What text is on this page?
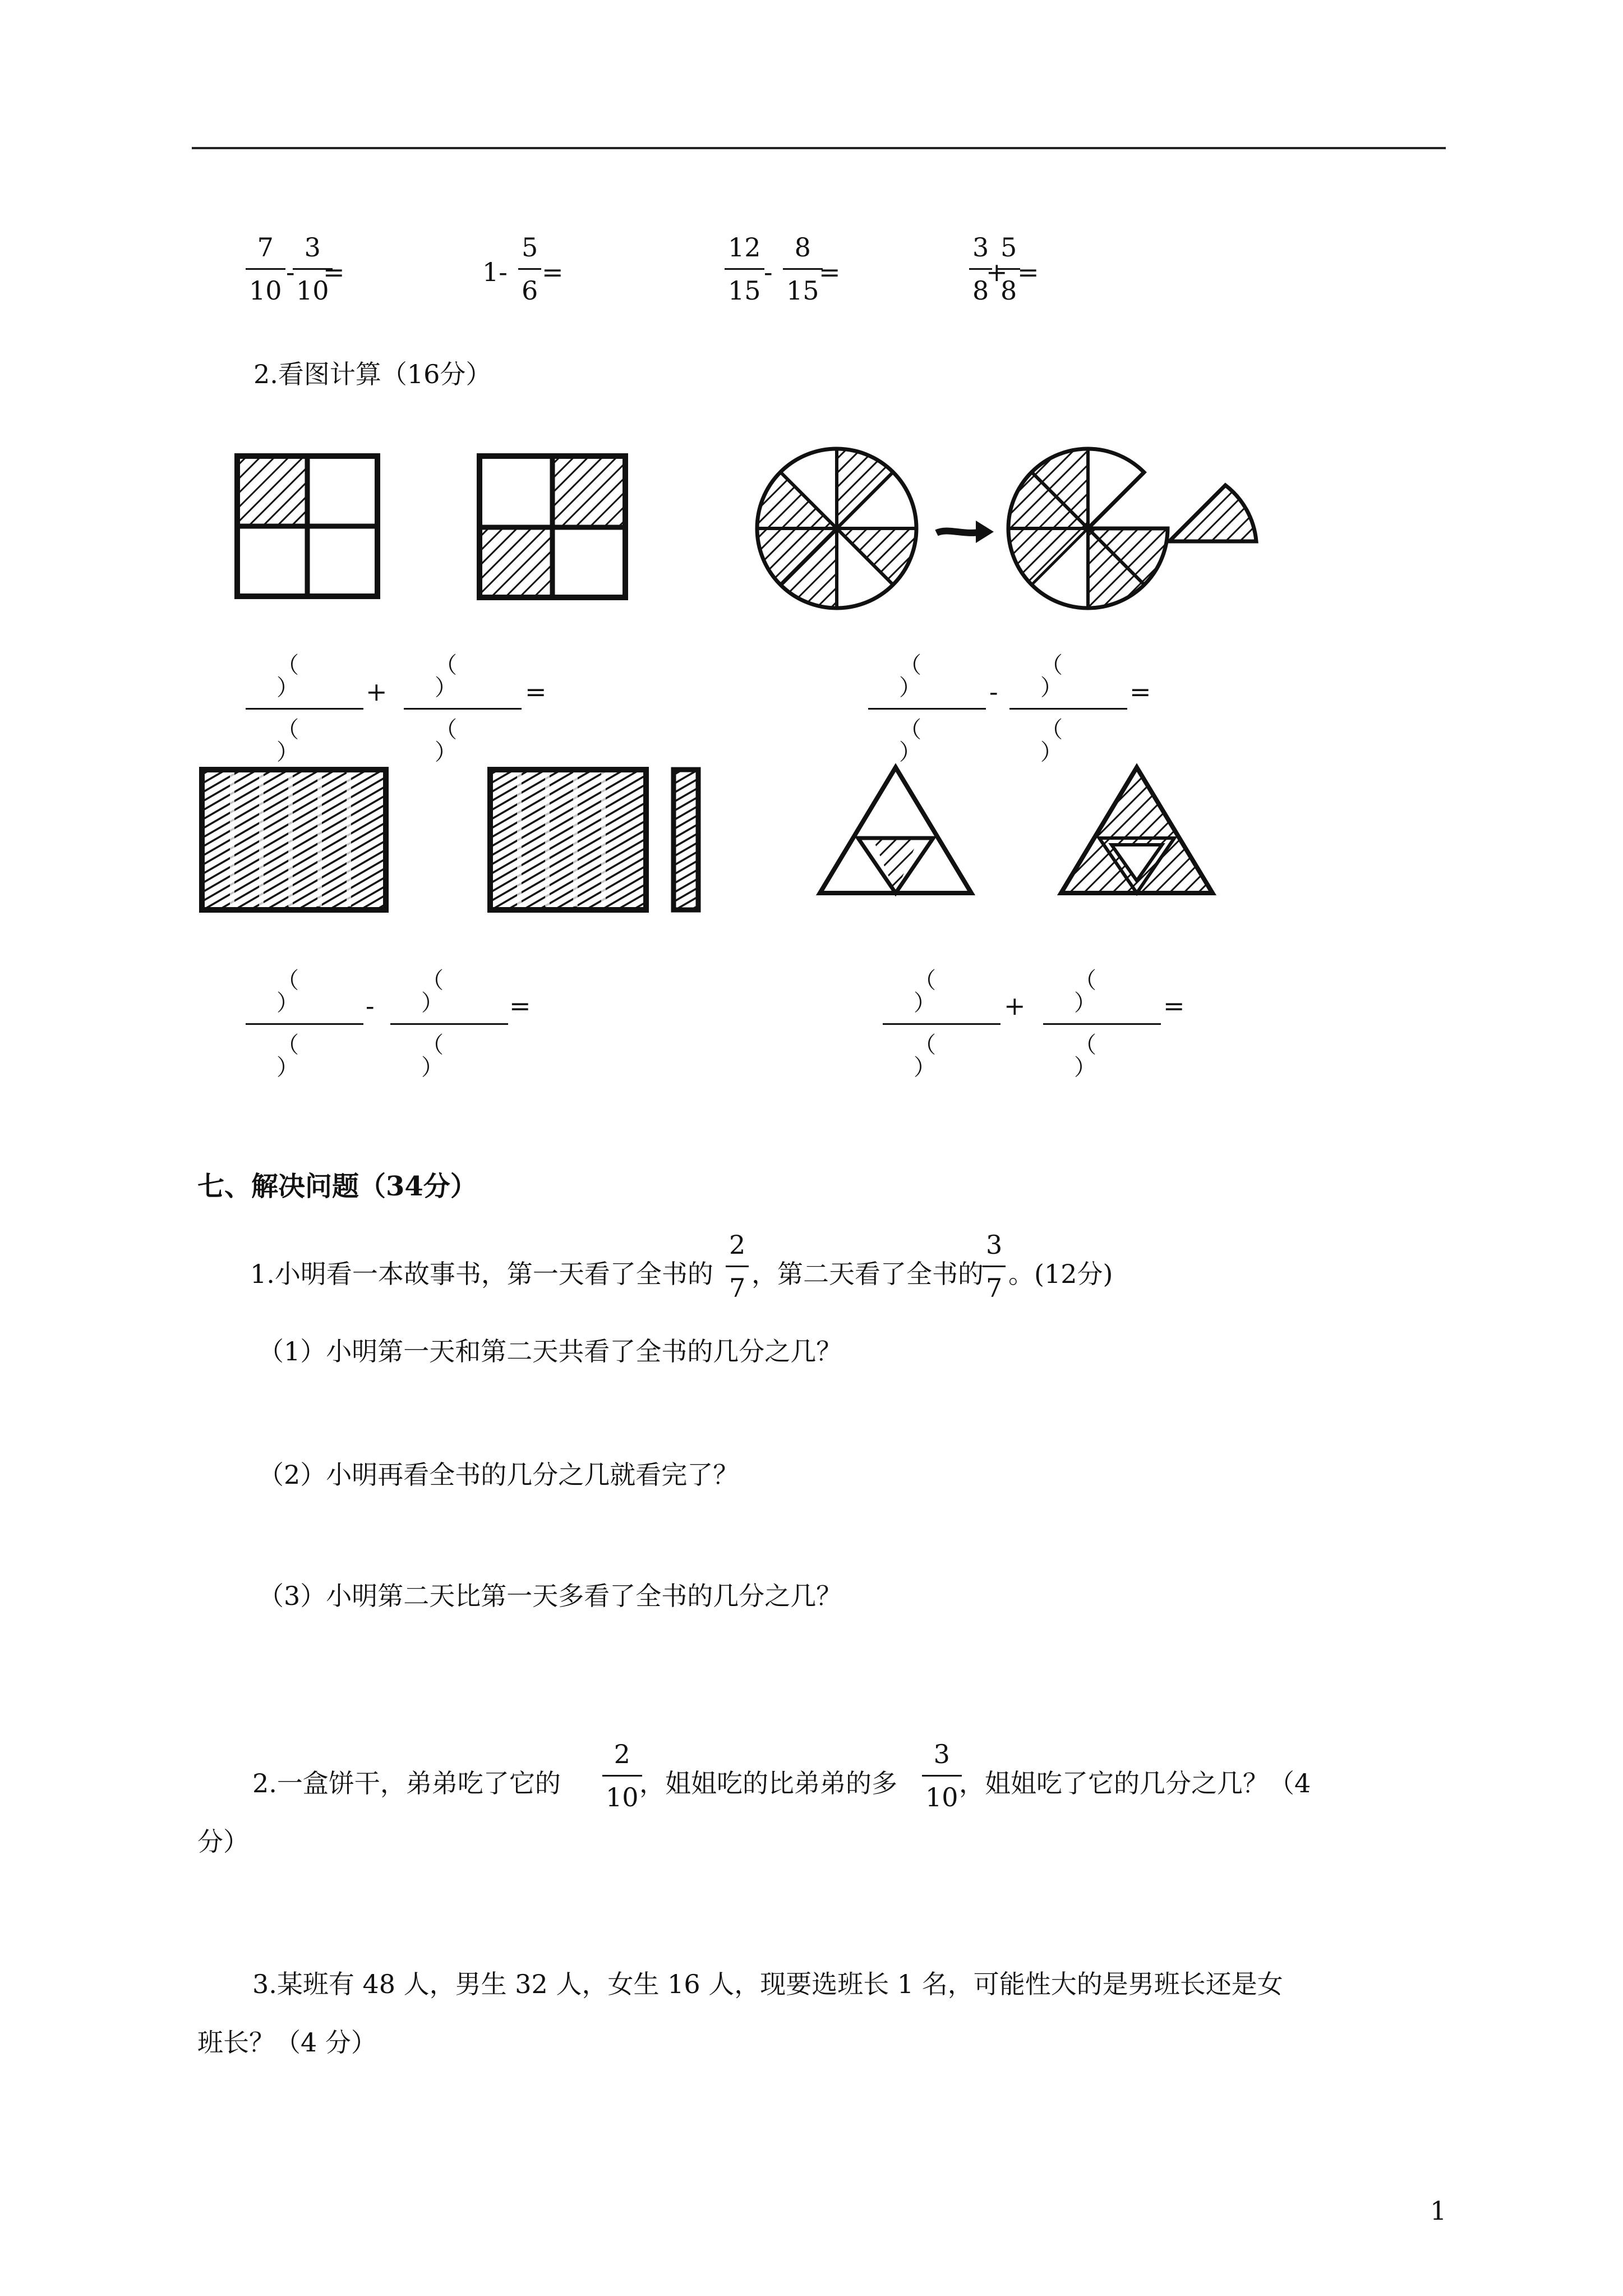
$\frac{7}{10}$ -
$\frac{3}{10}$
=	$1- \frac{5}{6}$ =	$\frac{12}{15} - \frac{8}{15}$
=	$\frac{3}{8}$
+
$\frac{5}{8}$
=
2.看图计算（16分）
（ ）
（ ）
+
（ ）
（ ）
=
（ ）
（ ）
-
（ ）
（ ）
=
（ ）
（ ）
-
（ ）
（ ）
=
（ ）
（ ）
+
（ ）
（ ）
=
七、解决问题（34分）
1.小明看一本故事书，第一天看了全书的 $\frac{2}{7}$ ，第二天看了全书的
$\frac{3}{7}$ 。(12分)
（1）小明第一天和第二天共看了全书的几分之几？
（2）小明再看全书的几分之几就看完了？
（3）小明第二天比第一天多看了全书的几分之几？
2.一盒饼干，弟弟吃了它的 $\frac{2}{10}$
，姐姐吃的比弟弟的多 $\frac{3}{10}$
，姐姐吃了它的几分之几？（4
分）
3.某班有 48 人，男生 32 人，女生 16 人，现要选班长 1 名，可能性大的是男班长还是女
班长？（4 分）
1
